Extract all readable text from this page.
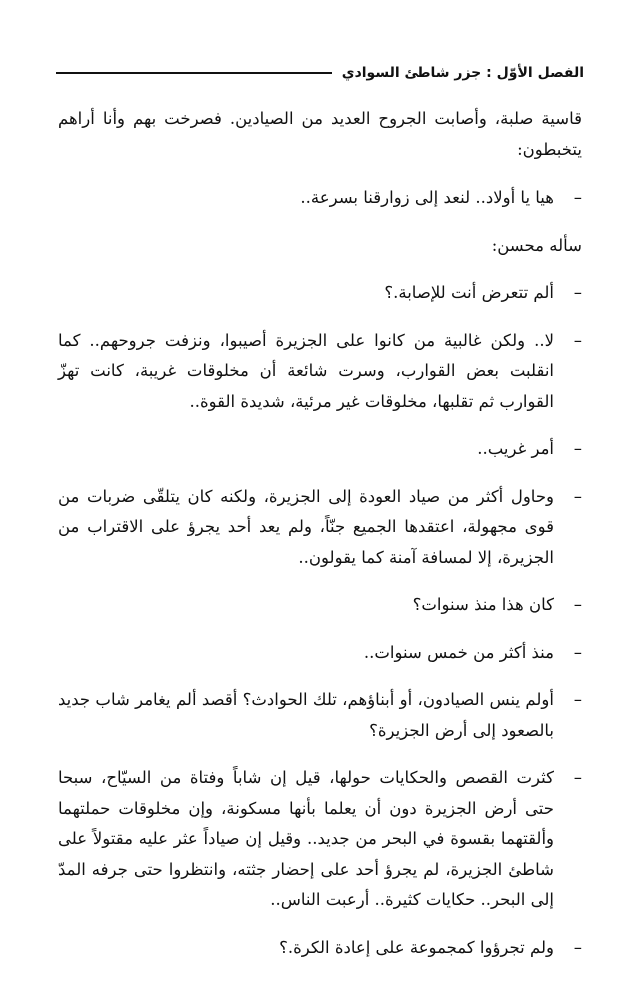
الفصل الأوّل : جزر شاطئ السوادي

قاسية صلبة، وأصابت الجروح العديد من الصيادين. فصرخت بهم وأنا أراهم يتخبطون:

–
هيا يا أولاد.. لنعد إلى زوارقنا بسرعة..

سأله محسن:

–
ألم تتعرض أنت للإصابة.؟
–
لا.. ولكن غالبية من كانوا على الجزيرة أصيبوا، ونزفت جروحهم.. كما انقلبت بعض القوارب، وسرت شائعة أن مخلوقات غريبة، كانت تهزّ القوارب ثم تقلبها، مخلوقات غير مرئية، شديدة القوة..
–
أمر غريب..
–
وحاول أكثر من صياد العودة إلى الجزيرة، ولكنه كان يتلقّى ضربات من قوى مجهولة، اعتقدها الجميع جنّاً، ولم يعد أحد يجرؤ على الاقتراب من الجزيرة، إلا لمسافة آمنة كما يقولون..
–
كان هذا منذ سنوات؟
–
منذ أكثر من خمس سنوات..
–
أولم ينس الصيادون، أو أبناؤهم، تلك الحوادث؟ أقصد ألم يغامر شاب جديد بالصعود إلى أرض الجزيرة؟
–
كثرت القصص والحكايات حولها، قيل إن شاباً وفتاة من السيّاح، سبحا حتى أرض الجزيرة دون أن يعلما بأنها مسكونة، وإن مخلوقات حملتهما وألقتهما بقسوة في البحر من جديد.. وقيل إن صياداً عثر عليه مقتولاً على شاطئ الجزيرة، لم يجرؤ أحد على إحضار جثته، وانتظروا حتى جرفه المدّ إلى البحر.. حكايات كثيرة.. أرعبت الناس..
–
ولم تجرؤوا كمجموعة على إعادة الكرة.؟
